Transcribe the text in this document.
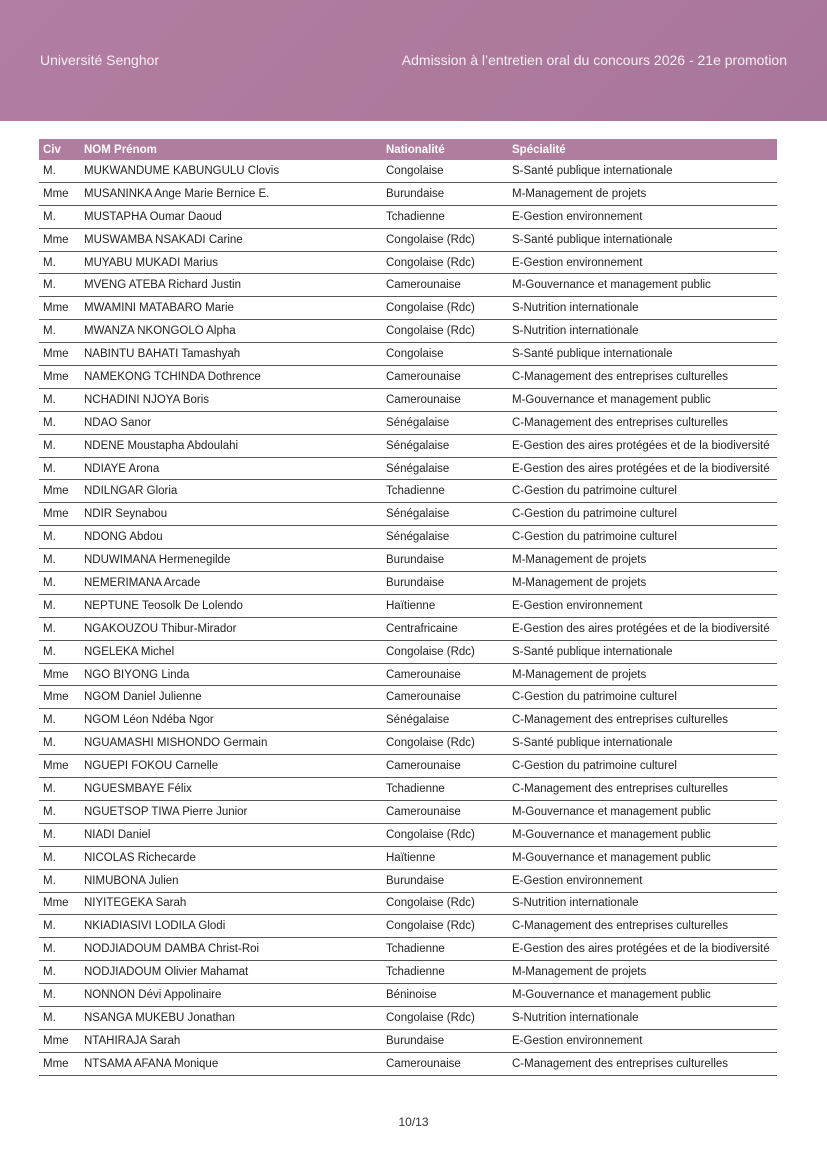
Université Senghor	Admission à l’entretien oral du concours 2026 - 21e promotion
Civ	NOM Prénom	Nationalité	Spécialité
M.	MUKWANDUME KABUNGULU Clovis	Congolaise	S-Santé publique internationale
Mme	MUSANINKA Ange Marie Bernice E.	Burundaise	M-Management de projets
M.	MUSTAPHA Oumar Daoud	Tchadienne	E-Gestion environnement
Mme	MUSWAMBA NSAKADI Carine	Congolaise (Rdc)	S-Santé publique internationale
M.	MUYABU MUKADI Marius	Congolaise (Rdc)	E-Gestion environnement
M.	MVENG ATEBA Richard Justin	Camerounaise	M-Gouvernance et management public
Mme	MWAMINI MATABARO Marie	Congolaise (Rdc)	S-Nutrition internationale
M.	MWANZA NKONGOLO Alpha	Congolaise (Rdc)	S-Nutrition internationale
Mme	NABINTU BAHATI Tamashyah	Congolaise	S-Santé publique internationale
Mme	NAMEKONG TCHINDA Dothrence	Camerounaise	C-Management des entreprises culturelles
M.	NCHADINI NJOYA Boris	Camerounaise	M-Gouvernance et management public
M.	NDAO Sanor	Sénégalaise	C-Management des entreprises culturelles
M.	NDENE Moustapha Abdoulahi	Sénégalaise	E-Gestion des aires protégées et de la biodiversité
M.	NDIAYE Arona	Sénégalaise	E-Gestion des aires protégées et de la biodiversité
Mme	NDILNGAR Gloria	Tchadienne	C-Gestion du patrimoine culturel
Mme	NDIR Seynabou	Sénégalaise	C-Gestion du patrimoine culturel
M.	NDONG Abdou	Sénégalaise	C-Gestion du patrimoine culturel
M.	NDUWIMANA Hermenegilde	Burundaise	M-Management de projets
M.	NEMERIMANA Arcade	Burundaise	M-Management de projets
M.	NEPTUNE Teosolk De Lolendo	Haïtienne	E-Gestion environnement
M.	NGAKOUZOU Thibur-Mirador	Centrafricaine	E-Gestion des aires protégées et de la biodiversité
M.	NGELEKA Michel	Congolaise (Rdc)	S-Santé publique internationale
Mme	NGO BIYONG Linda	Camerounaise	M-Management de projets
Mme	NGOM Daniel Julienne	Camerounaise	C-Gestion du patrimoine culturel
M.	NGOM Léon Ndéba Ngor	Sénégalaise	C-Management des entreprises culturelles
M.	NGUAMASHI MISHONDO Germain	Congolaise (Rdc)	S-Santé publique internationale
Mme	NGUEPI FOKOU Carnelle	Camerounaise	C-Gestion du patrimoine culturel
M.	NGUESMBAYE Félix	Tchadienne	C-Management des entreprises culturelles
M.	NGUETSOP TIWA Pierre Junior	Camerounaise	M-Gouvernance et management public
M.	NIADI Daniel	Congolaise (Rdc)	M-Gouvernance et management public
M.	NICOLAS Richecarde	Haïtienne	M-Gouvernance et management public
M.	NIMUBONA Julien	Burundaise	E-Gestion environnement
Mme	NIYITEGEKA Sarah	Congolaise (Rdc)	S-Nutrition internationale
M.	NKIADIASIVI LODILA Glodi	Congolaise (Rdc)	C-Management des entreprises culturelles
M.	NODJIADOUM DAMBA Christ-Roi	Tchadienne	E-Gestion des aires protégées et de la biodiversité
M.	NODJIADOUM Olivier Mahamat	Tchadienne	M-Management de projets
M.	NONNON Dévi Appolinaire	Béninoise	M-Gouvernance et management public
M.	NSANGA MUKEBU Jonathan	Congolaise (Rdc)	S-Nutrition internationale
Mme	NTAHIRAJA Sarah	Burundaise	E-Gestion environnement
Mme	NTSAMA AFANA Monique	Camerounaise	C-Management des entreprises culturelles
10/13
